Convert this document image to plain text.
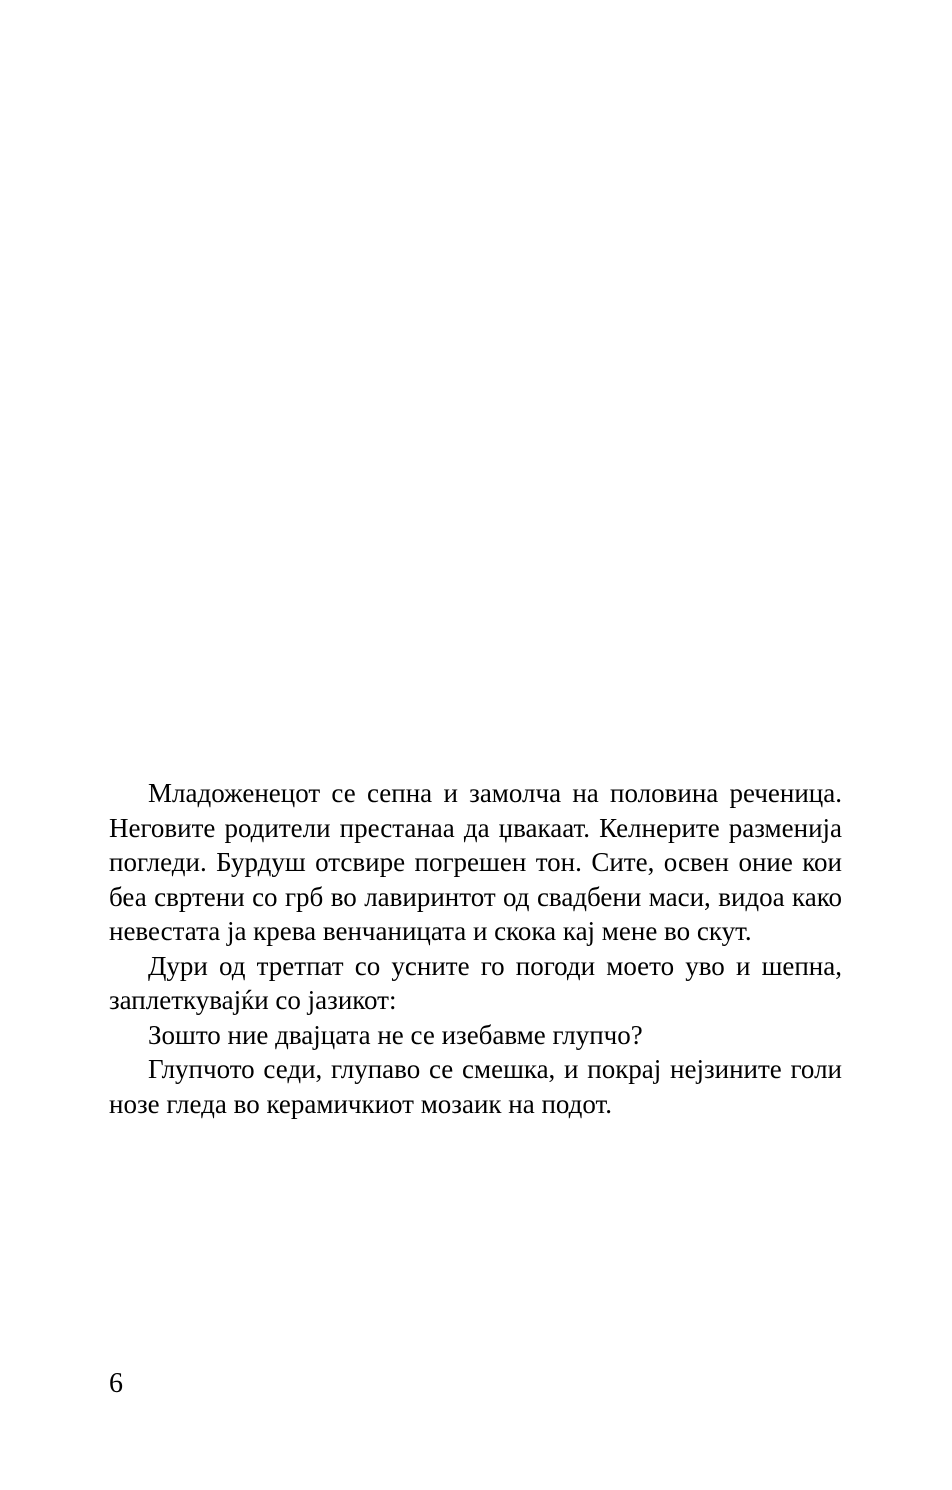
Младоженецот се сепна и замолча на половина реченица. Неговите родители престанаа да џвакаат. Келнерите разменија погледи. Бурдуш отсвире погрешен тон. Сите, освен оние кои беа свртени со грб во лавиринтот од свадбени маси, видоа како невестата ја крева венчаницата и скока кај мене во скут.

Дури од третпат со усните го погоди моето уво и шепна, заплеткувајќи со јазикот:

Зошто ние двајцата не се изебавме глупчо?

Глупчото седи, глупаво се смешка, и покрај нејзините голи нозе гледа во керамичкиот мозаик на подот.

6
